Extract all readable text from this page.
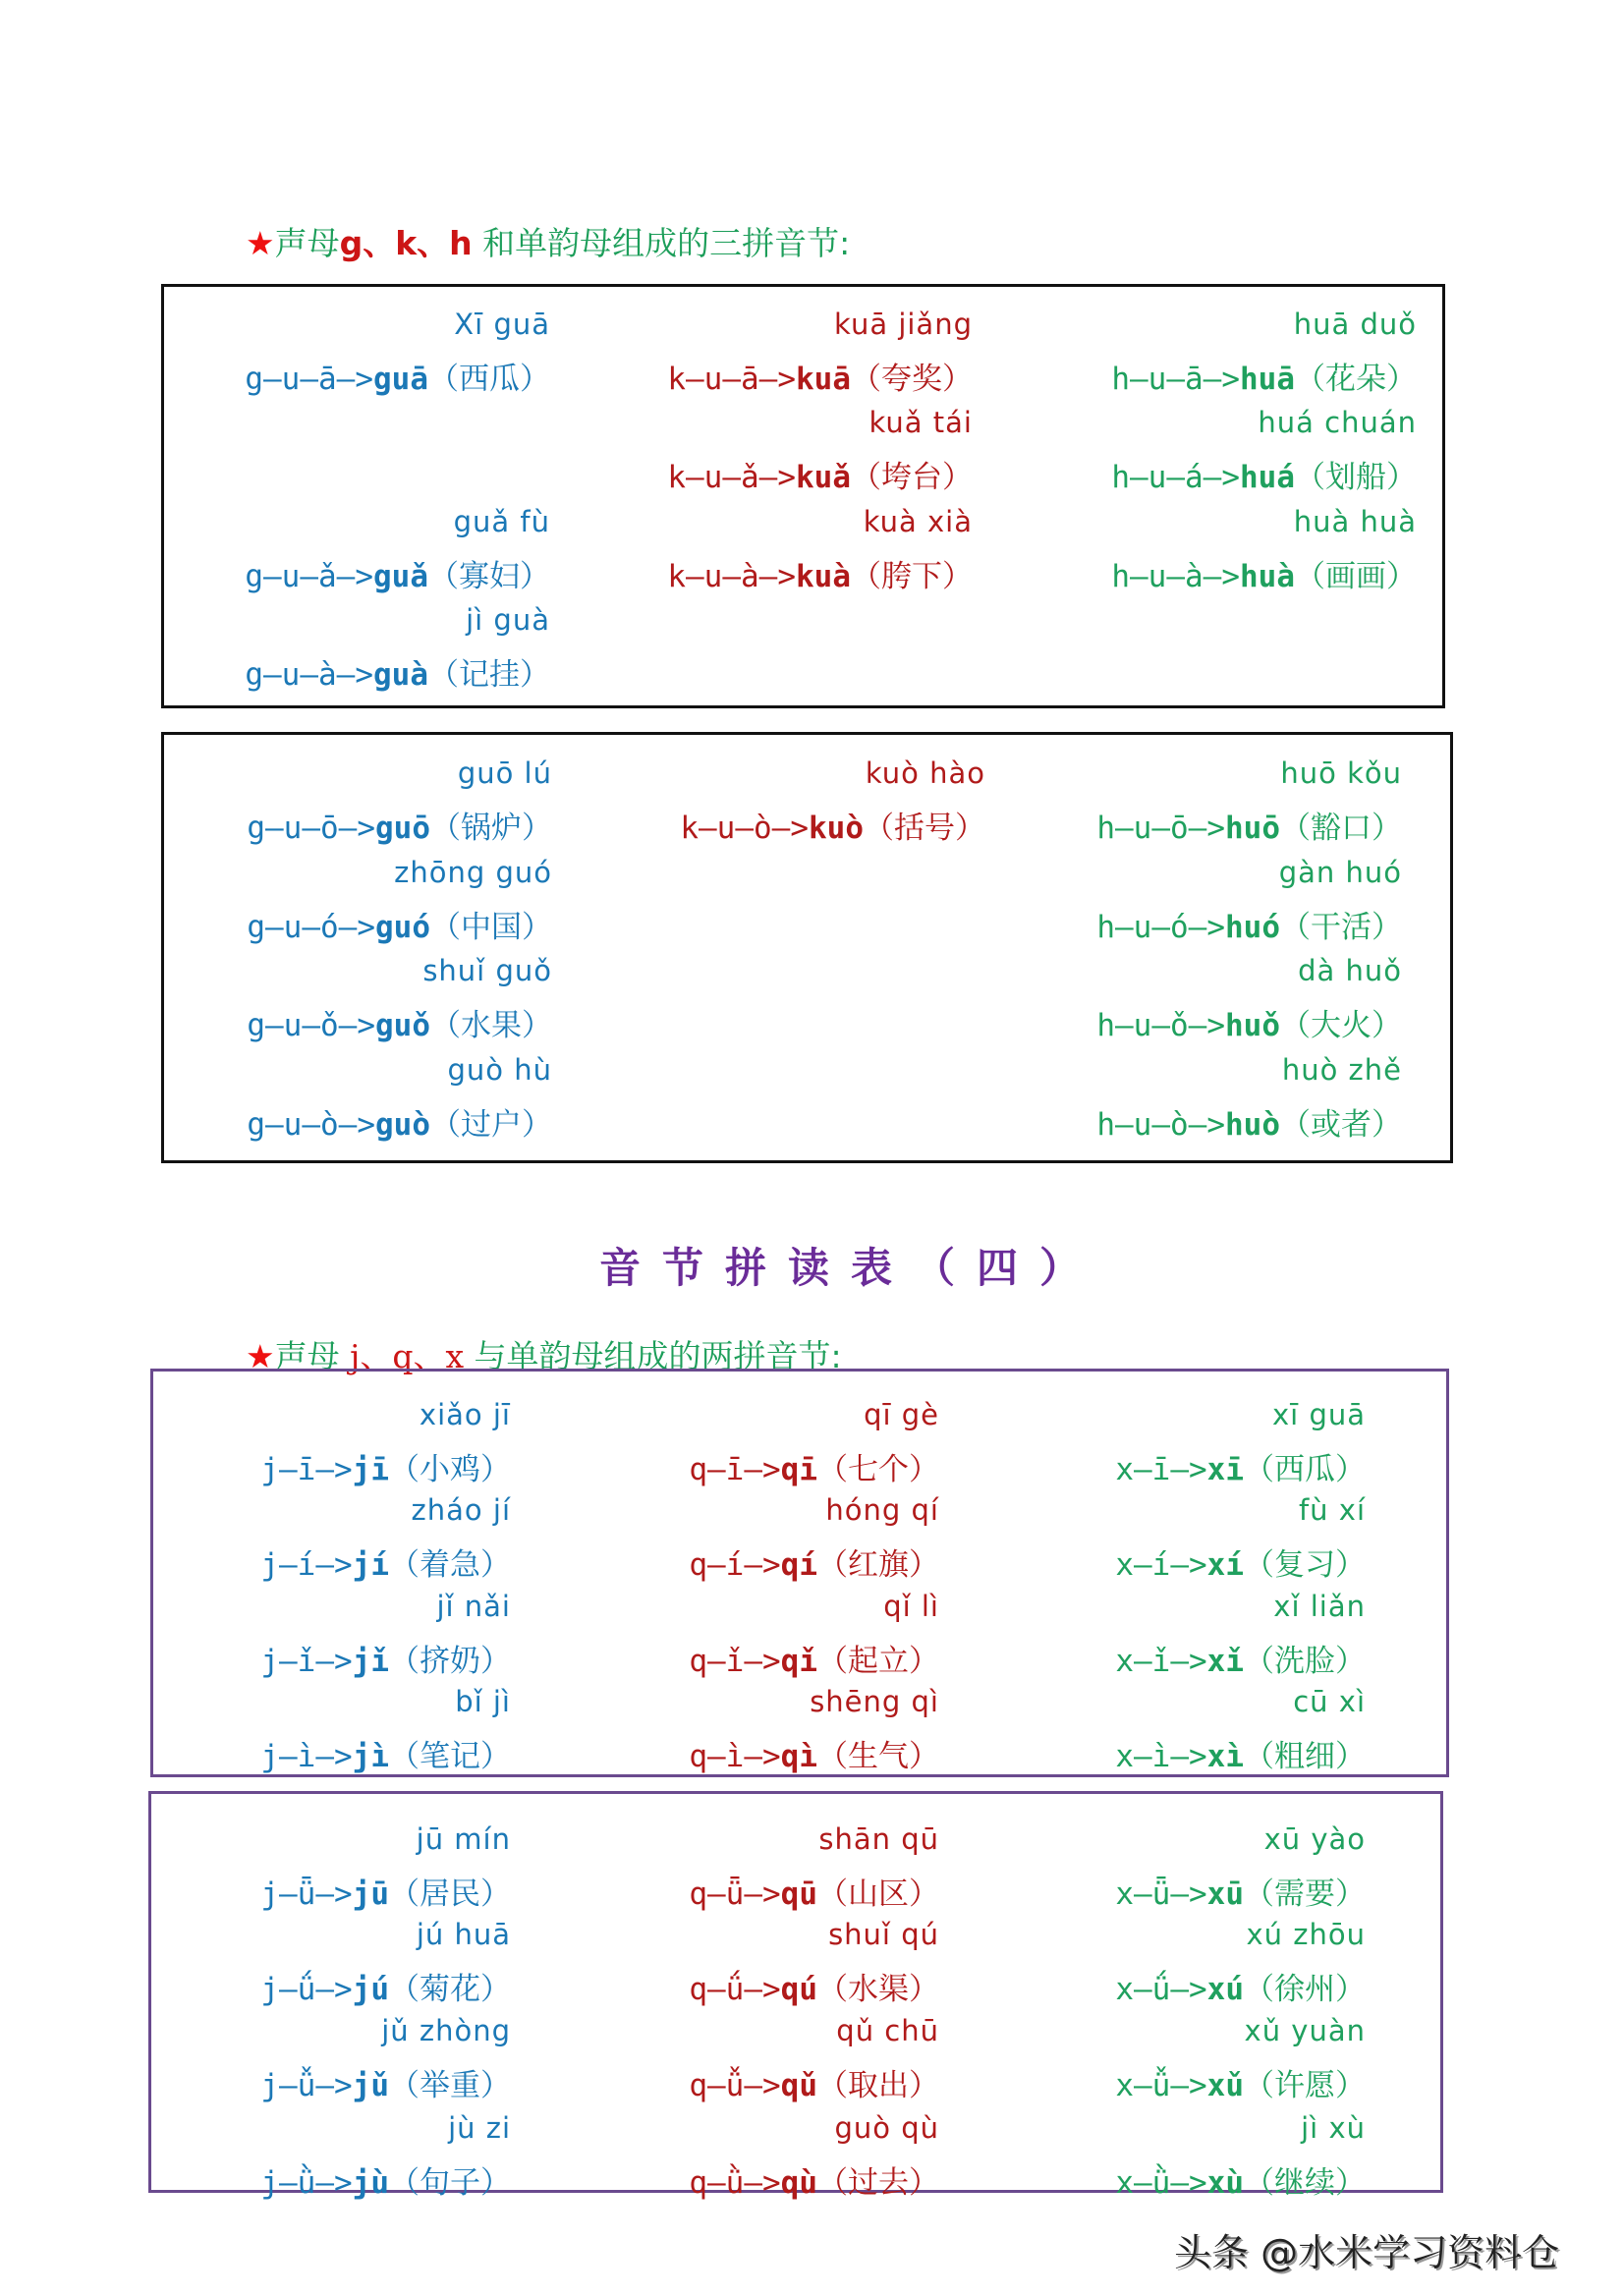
★声母g、k、h 和单韵母组成的三拼音节:
音节拼读表（四）
★声母 j、q、x 与单韵母组成的两拼音节:
Xī guā
g—u—ā—>guā（西瓜）
guǎ fù
g—u—ǎ—>guǎ（寡妇）
jì guà
g—u—à—>guà（记挂）
kuā jiǎng
k—u—ā—>kuā（夸奖）
kuǎ tái
k—u—ǎ—>kuǎ（垮台）
kuà xià
k—u—à—>kuà（胯下）
huā duǒ
h—u—ā—>huā（花朵）
huá chuán
h—u—á—>huá（划船）
huà huà
h—u—à—>huà（画画）
guō lú
g—u—ō—>guō（锅炉）
zhōng guó
g—u—ó—>guó（中国）
shuǐ guǒ
g—u—ǒ—>guǒ（水果）
guò hù
g—u—ò—>guò（过户）
kuò hào
k—u—ò—>kuò（括号）
huō kǒu
h—u—ō—>huō（豁口）
gàn huó
h—u—ó—>huó（干活）
dà huǒ
h—u—ǒ—>huǒ（大火）
huò zhě
h—u—ò—>huò（或者）
xiǎo jī
j—ī—>jī（小鸡）
zháo jí
j—í—>jí（着急）
jǐ nǎi
j—ǐ—>jǐ（挤奶）
bǐ jì
j—ì—>jì（笔记）
qī gè
q—ī—>qī（七个）
hóng qí
q—í—>qí（红旗）
qǐ lì
q—ǐ—>qǐ（起立）
shēng qì
q—ì—>qì（生气）
xī guā
x—ī—>xī（西瓜）
fù xí
x—í—>xí（复习）
xǐ liǎn
x—ǐ—>xǐ（洗脸）
cū xì
x—ì—>xì（粗细）
jū mín
j—ǖ—>jū（居民）
jú huā
j—ǘ—>jú（菊花）
jǔ zhòng
j—ǚ—>jǔ（举重）
jù zi
j—ǜ—>jù（句子）
shān qū
q—ǖ—>qū（山区）
shuǐ qú
q—ǘ—>qú（水渠）
qǔ chū
q—ǚ—>qǔ（取出）
guò qù
q—ǜ—>qù（过去）
xū yào
x—ǖ—>xū（需要）
xú zhōu
x—ǘ—>xú（徐州）
xǔ yuàn
x—ǚ—>xǔ（许愿）
jì xù
x—ǜ—>xù（继续）
头条 @水米学习资料仓
